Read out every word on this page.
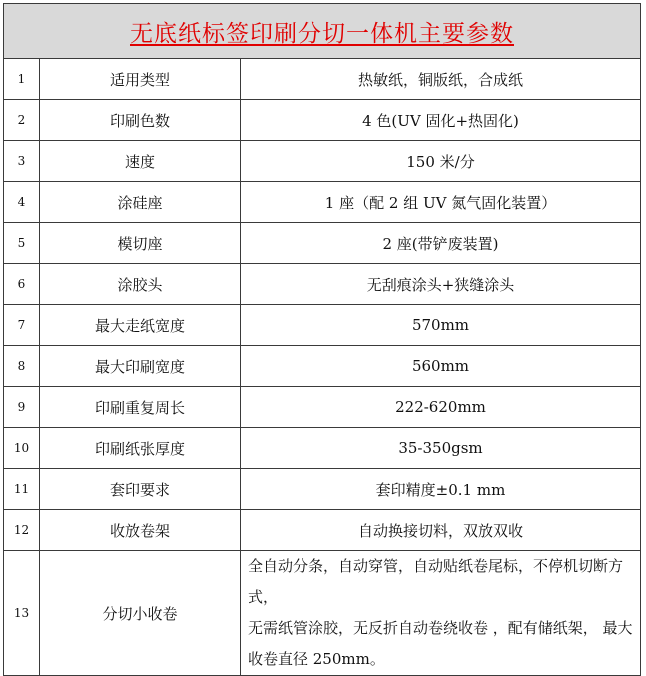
无底纸标签印刷分切一体机主要参数		
1	适用类型	热敏纸，铜版纸，合成纸
2	印刷色数	4 色(UV 固化+热固化)
3	速度	150 米/分
4	涂硅座	1 座（配 2 组 UV 氮气固化装置）
5	模切座	2 座(带铲废装置)
6	涂胶头	无刮痕涂头+狭缝涂头
7	最大走纸宽度	570mm
8	最大印刷宽度	560mm
9	印刷重复周长	222-620mm
10	印刷纸张厚度	35-350gsm
11	套印要求	套印精度±0.1 mm
12	收放卷架	自动换接切料，双放双收
13	分切小收卷	全自动分条，自动穿管，自动贴纸卷尾标，不停机切断方式，
无需纸管涂胶，无反折自动卷绕收卷 ，配有储纸架， 最大
收卷直径 250mm。
